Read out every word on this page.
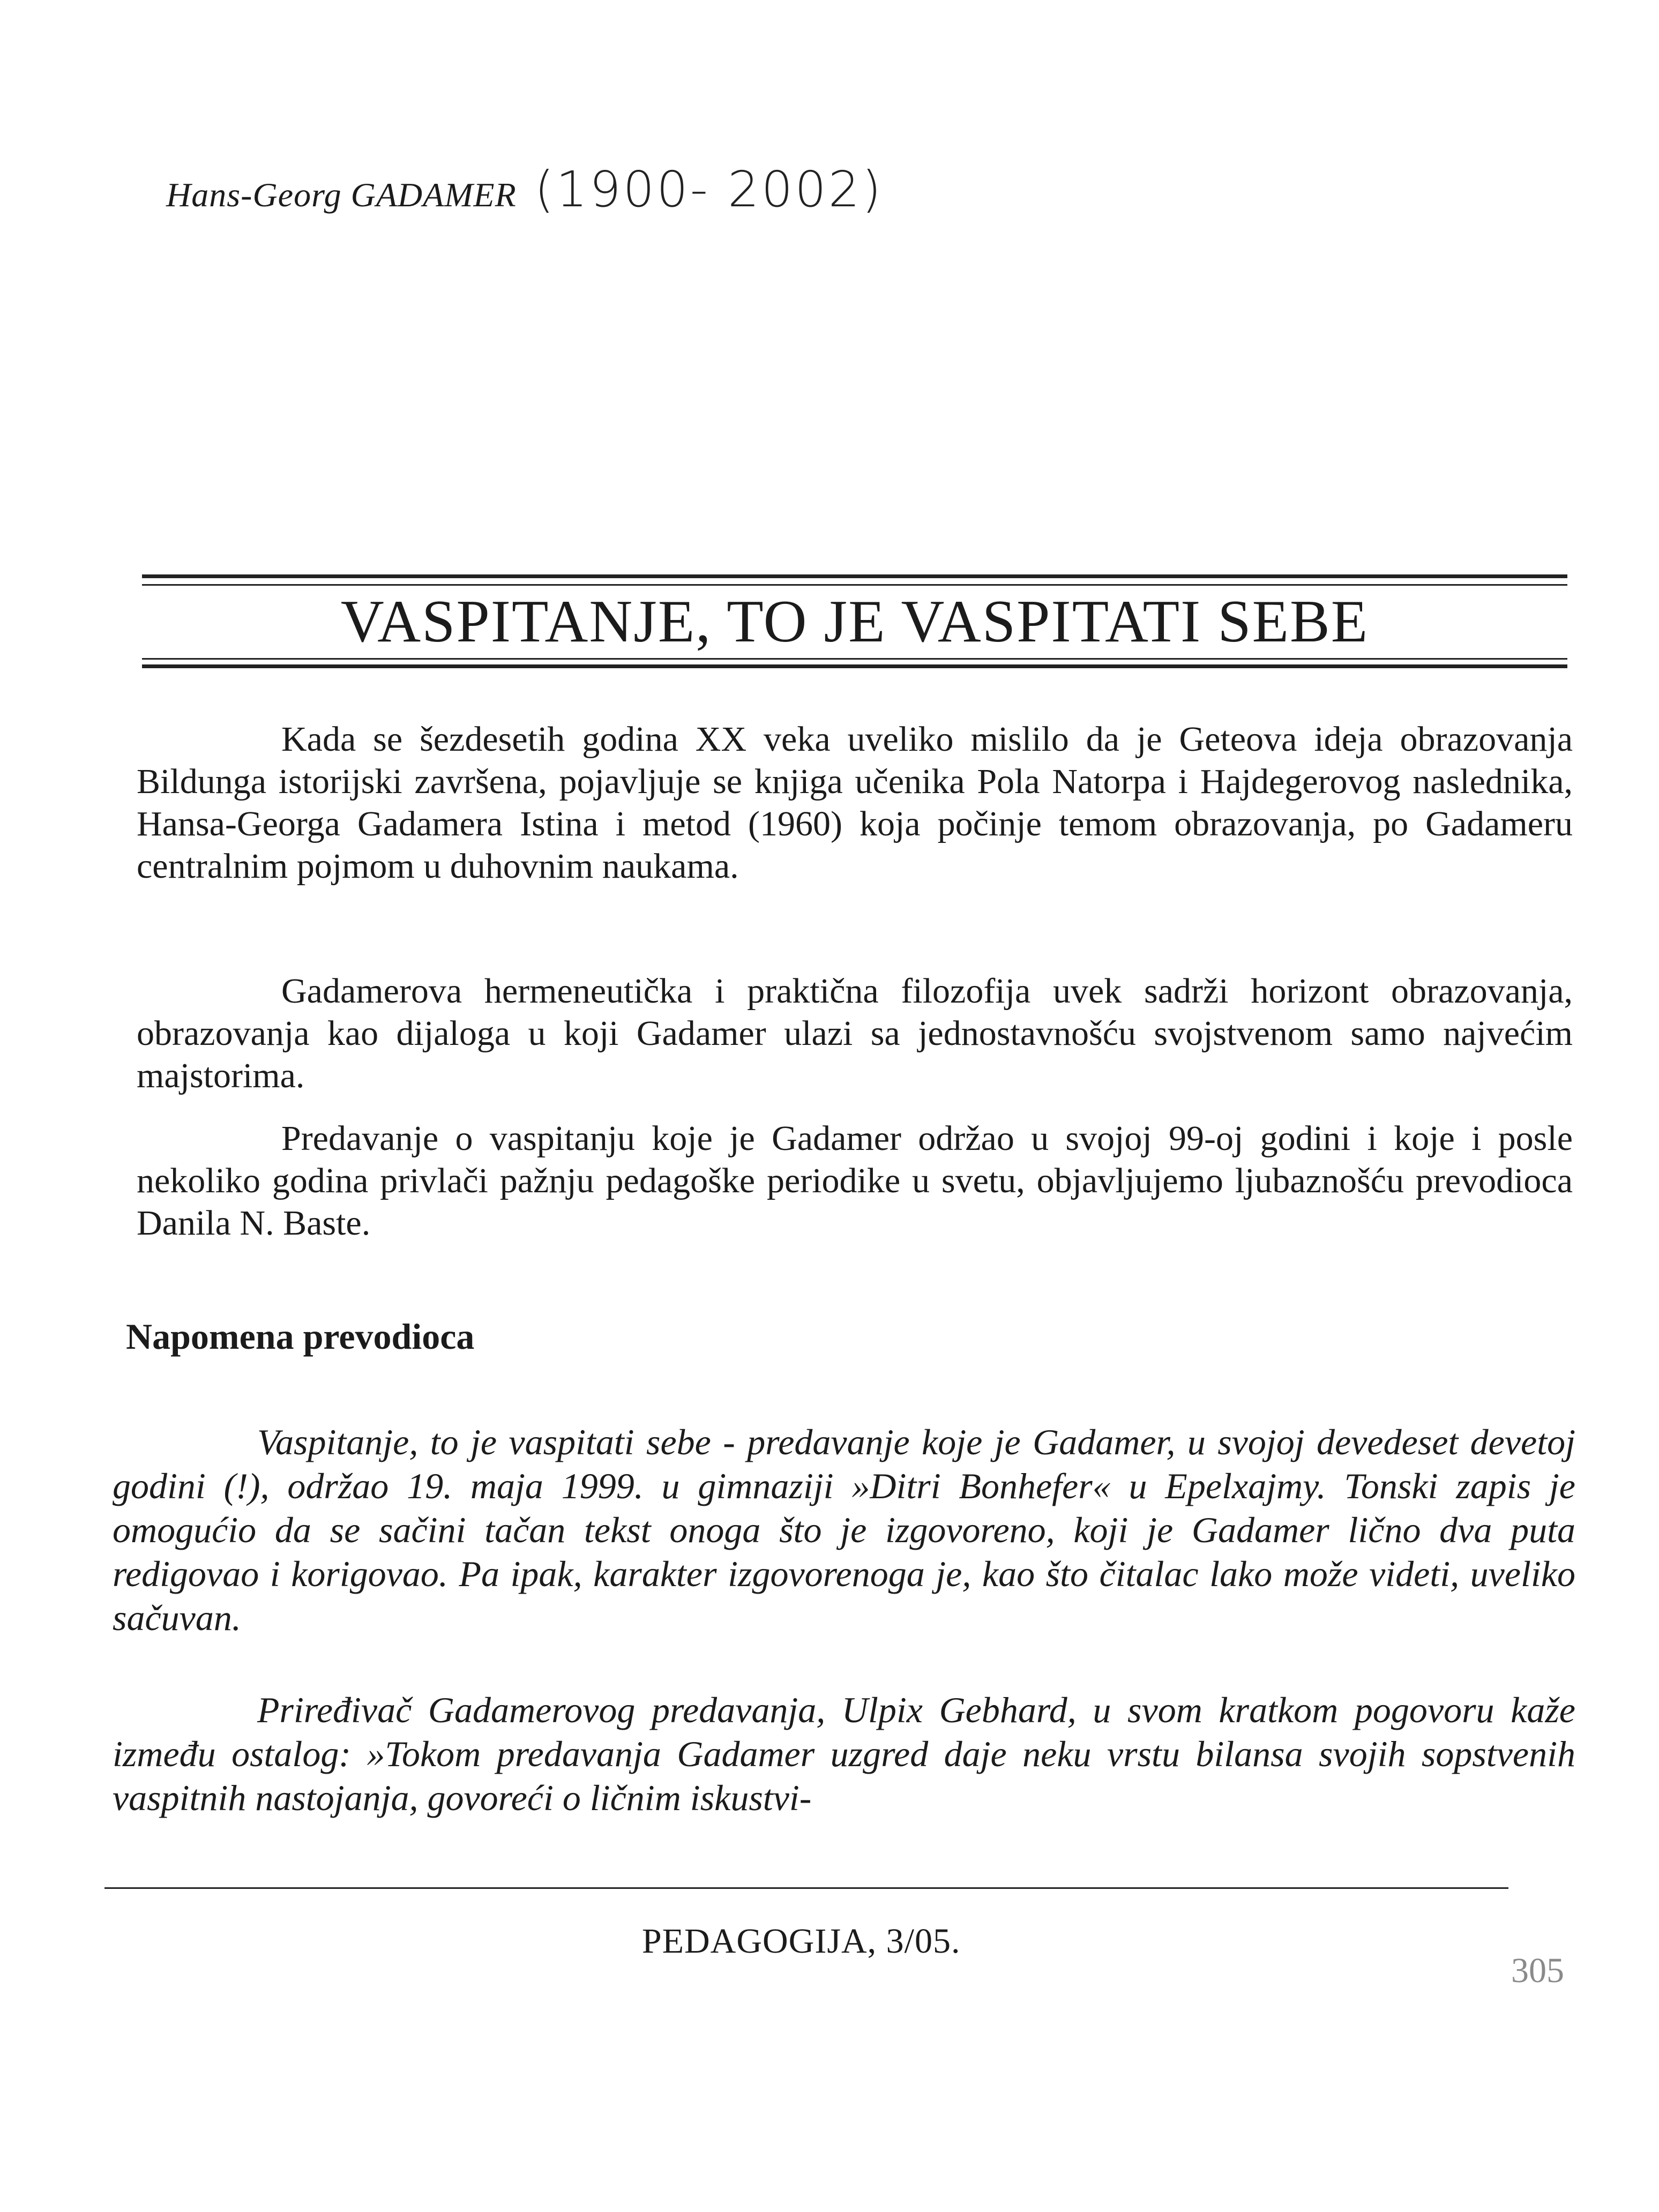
Hans-Georg GADAMER (1900- 2002)
VASPITANJE, TO JE VASPITATI SEBE

Kada se šezdesetih godina XX veka uveliko mislilo da je Geteova ideja obrazovanja Bildunga istorijski završena, pojavljuje se knjiga učenika Pola Natorpa i Hajdegerovog naslednika, Hansa-Georga Gadamera Istina i metod (1960) koja počinje temom obrazovanja, po Gadameru centralnim pojmom u duhovnim naukama.

Gadamerova hermeneutička i praktična filozofija uvek sadrži horizont obrazovanja, obrazovanja kao dijaloga u koji Gadamer ulazi sa jednostavnošću svojstvenom samo najvećim majstorima.

Predavanje o vaspitanju koje je Gadamer održao u svojoj 99-oj godini i koje i posle nekoliko godina privlači pažnju pedagoške periodike u svetu, objavljujemo ljubaznošću prevodioca Danila N. Baste.

Napomena prevodioca

Vaspitanje, to je vaspitati sebe - predavanje koje je Gadamer, u svojoj devedeset devetoj godini (!), održao 19. maja 1999. u gimnaziji »Ditri Bonhefer« u Epelxajmy. Tonski zapis je omogućio da se sačini tačan tekst onoga što je izgovoreno, koji je Gadamer lično dva puta redigovao i korigovao. Pa ipak, karakter izgovorenoga je, kao što čitalac lako može videti, uveliko sačuvan.

Priređivač Gadamerovog predavanja, Ulpix Gebhard, u svom kratkom pogovoru kaže između ostalog: »Tokom predavanja Gadamer uzgred daje neku vrstu bilansa svojih sopstvenih vaspitnih nastojanja, govoreći o ličnim iskustvi-

PEDAGOGIJA, 3/05.
305
